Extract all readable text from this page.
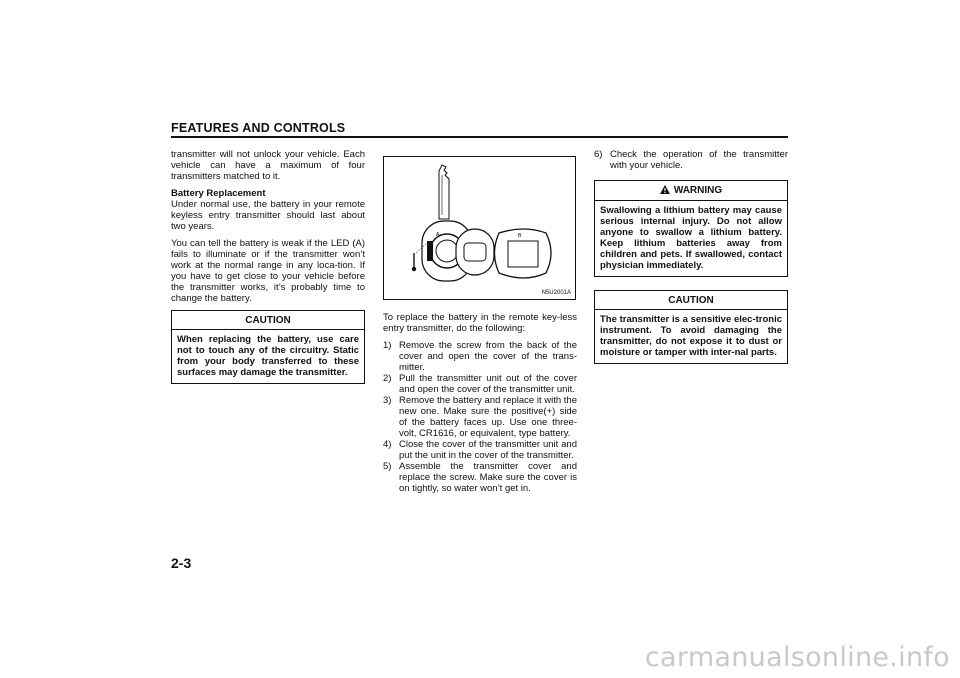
FEATURES AND CONTROLS

transmitter will not unlock your vehicle. Each vehicle can have a maximum of four transmitters matched to it.

Battery Replacement
Under normal use, the battery in your remote keyless entry transmitter should last about two years.

You can tell the battery is weak if the LED (A) fails to illuminate or if the transmitter won’t work at the normal range in any loca-tion. If you have to get close to your vehicle before the transmitter works, it’s probably time to change the battery.

CAUTION
When replacing the battery, use care not to touch any of the circuitry. Static from your body transferred to these surfaces may damage the transmitter.
B
A
N5U2001A

To replace the battery in the remote key-less entry transmitter, do the following:

1) Remove the screw from the back of the cover and open the cover of the trans-mitter.
2) Pull the transmitter unit out of the cover and open the cover of the transmitter unit.
3) Remove the battery and replace it with the new one. Make sure the positive(+) side of the battery faces up. Use one three-volt, CR1616, or equivalent, type battery.
4) Close the cover of the transmitter unit and put the unit in the cover of the transmitter.
5) Assemble the transmitter cover and replace the screw. Make sure the cover is on tightly, so water won’t get in.
6) Check the operation of the transmitter with your vehicle.
WARNING
Swallowing a lithium battery may cause serious internal injury. Do not allow anyone to swallow a lithium battery. Keep lithium batteries away from children and pets. If swallowed, contact physician immediately.
CAUTION
The transmitter is a sensitive elec-tronic instrument. To avoid damaging the transmitter, do not expose it to dust or moisture or tamper with inter-nal parts.
2-3
carmanualsonline.info
